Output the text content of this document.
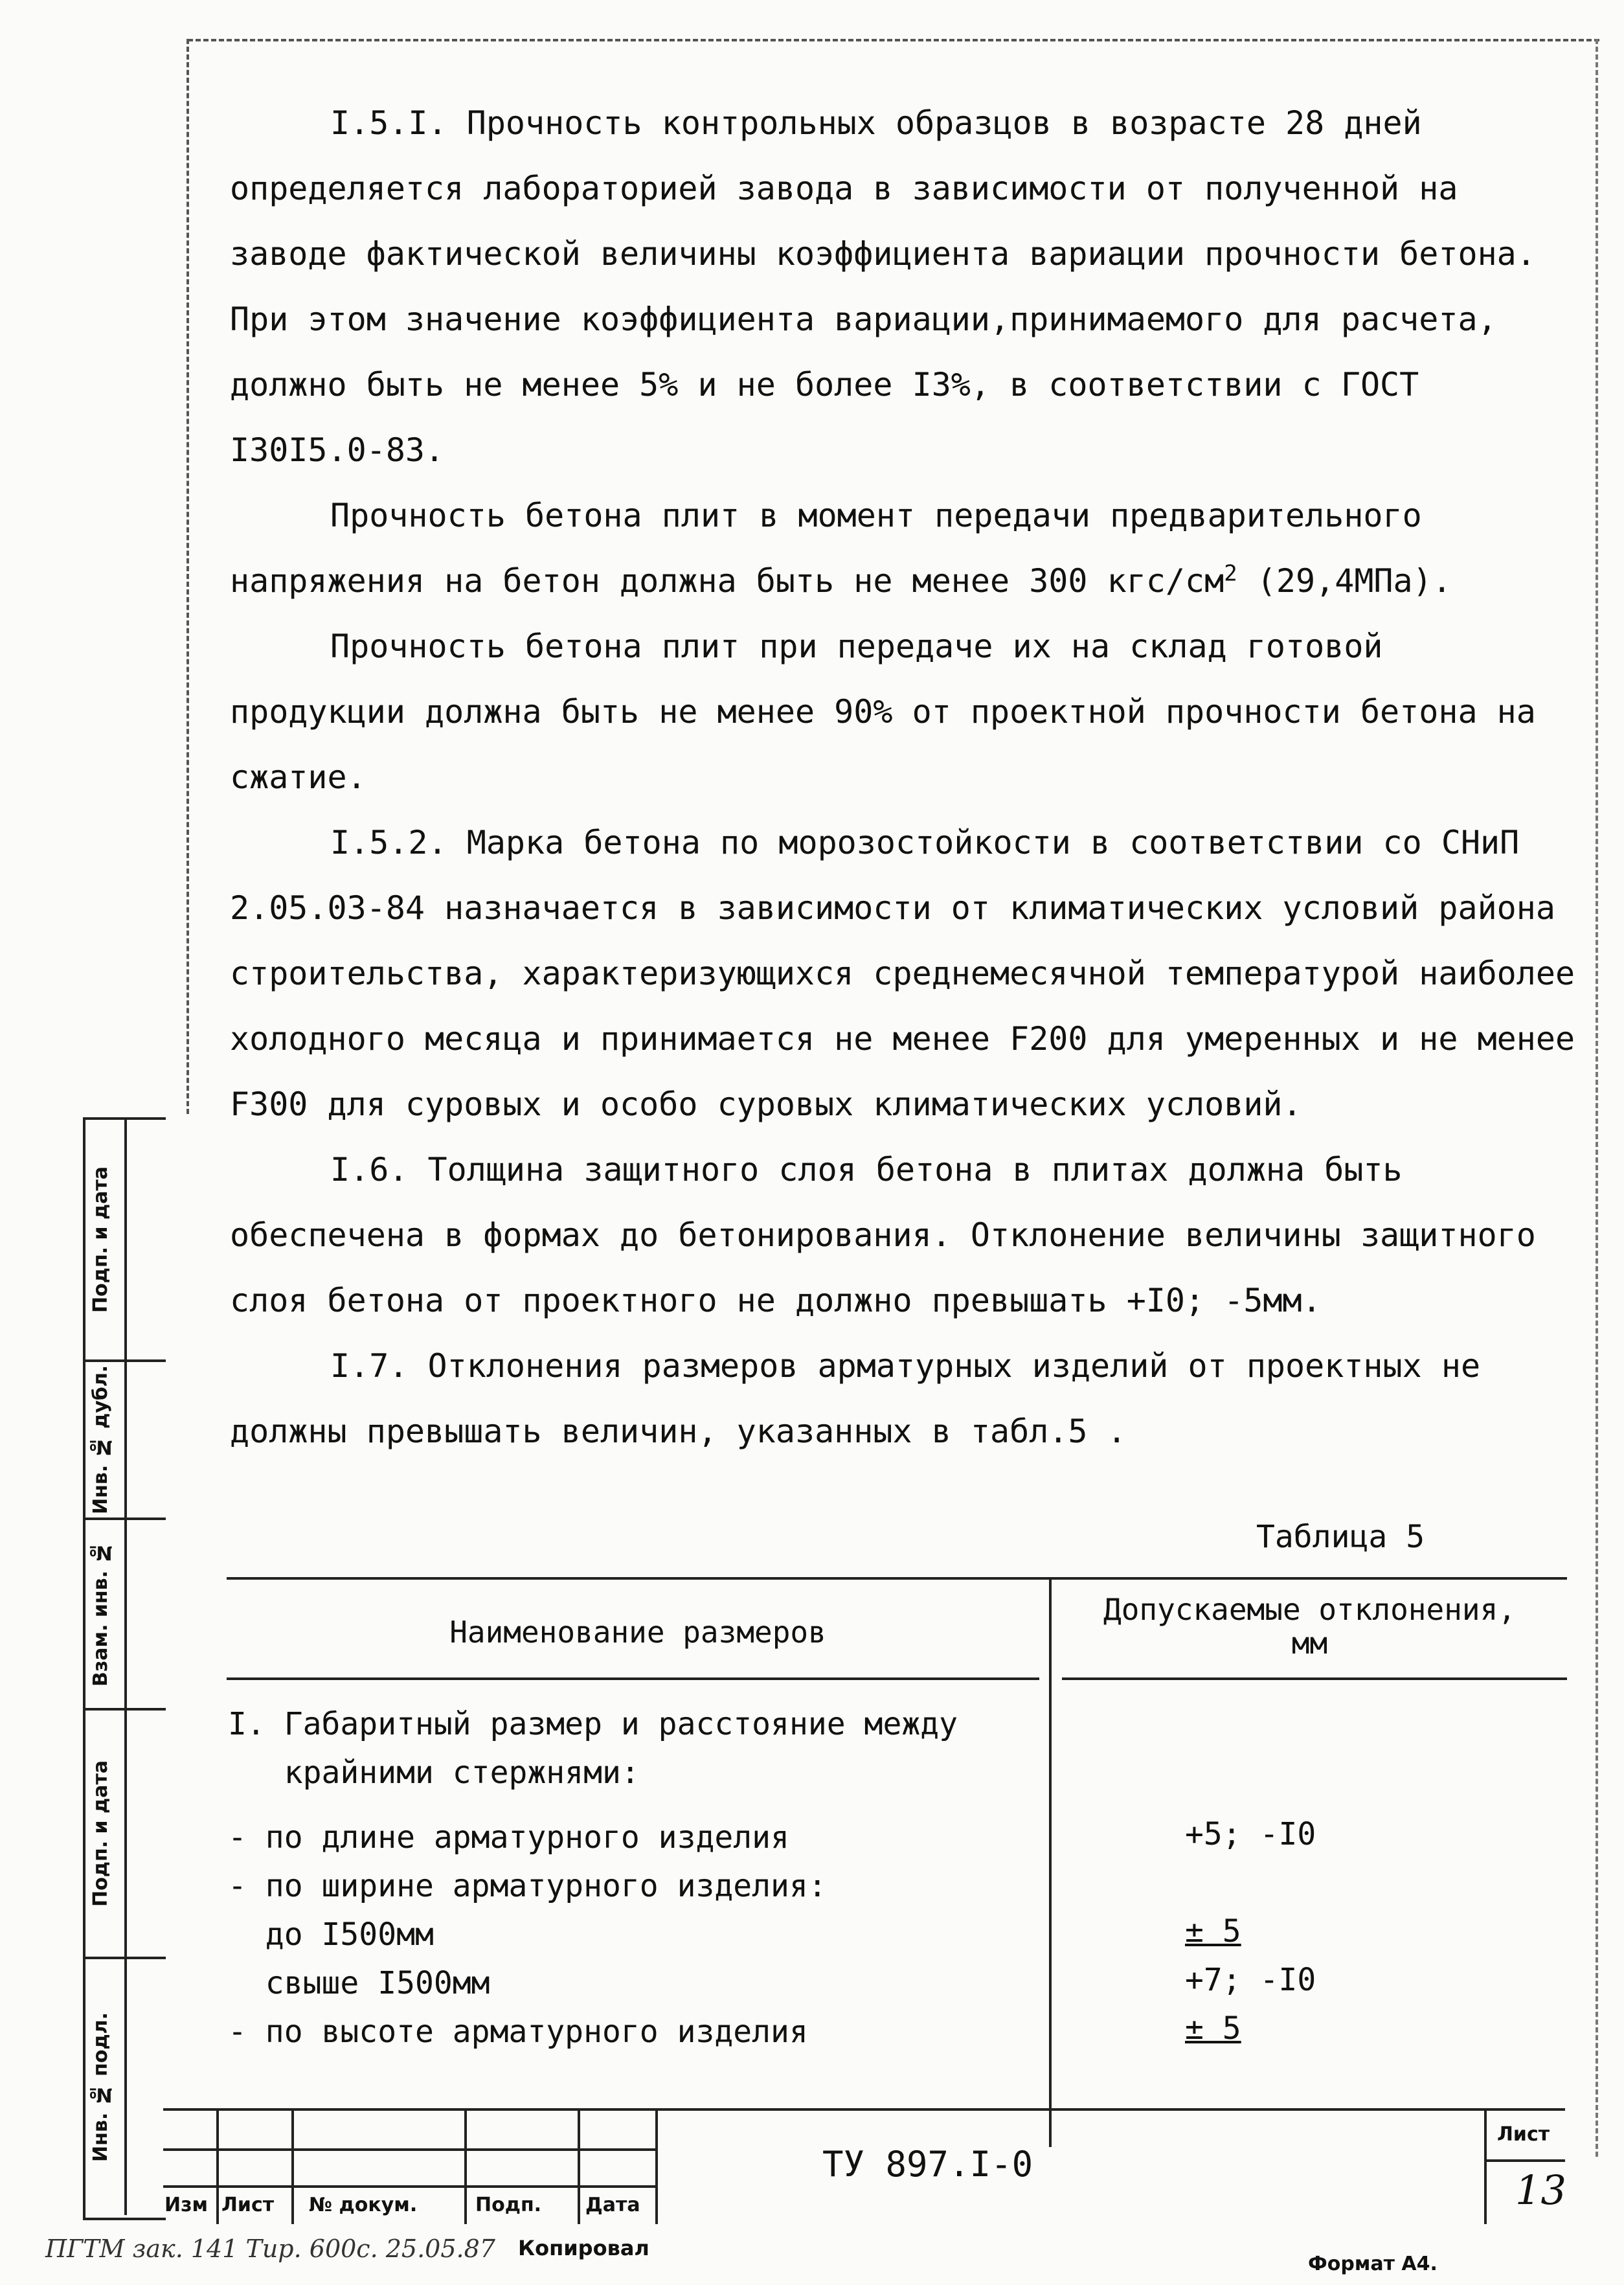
I.5.I. Прочность контрольных образцов в возрасте 28 дней определяется лабораторией завода в зависимости от полученной на заводе фактической величины коэффициента вариации прочности бетона. При этом значение коэффициента вариации,принимаемого для расчета, должно быть не менее 5% и не более I3%, в соответствии с ГОСТ I30I5.0-83.

Прочность бетона плит в момент передачи предварительного напряжения на бетон должна быть не менее 300 кгс/$см^2$ (29,4МПа).

Прочность бетона плит при передаче их на склад готовой продукции должна быть не менее 90% от проектной прочности бетона на сжатие.

I.5.2. Марка бетона по морозостойкости в соответствии со СНиП 2.05.03-84 назначается в зависимости от климатических условий района строительства, характеризующихся среднемесячной температурой наиболее холодного месяца и принимается не менее F200 для умеренных и не менее F300 для суровых и особо суровых климатических условий.

I.6. Толщина защитного слоя бетона в плитах должна быть обеспечена в формах до бетонирования. Отклонение величины защитного слоя бетона от проектного не должно превышать +I0; -5мм.

I.7. Отклонения размеров арматурных изделий от проектных не должны превышать величин, указанных в табл.5 .

Таблица 5
Наименование размеров
Допускаемые отклонения,
мм
I. Габаритный размер и расстояние между
крайними стержнями:
- по длине арматурного изделия	+5; -I0
- по ширине арматурного изделия:
до I500мм	± 5
свыше I500мм	+7; -I0
- по высоте арматурного изделия	± 5
Подп. и дата
Инв. № дубл.
Взам. инв. №
Подп. и дата
Инв. № подл.
Изм Лист № докум.	Подп. Дата
ТУ 897.I-0
Лист
13
ПГТМ зак. 141 Тир. 600с. 25.05.87 Копировал
Формат А4.
